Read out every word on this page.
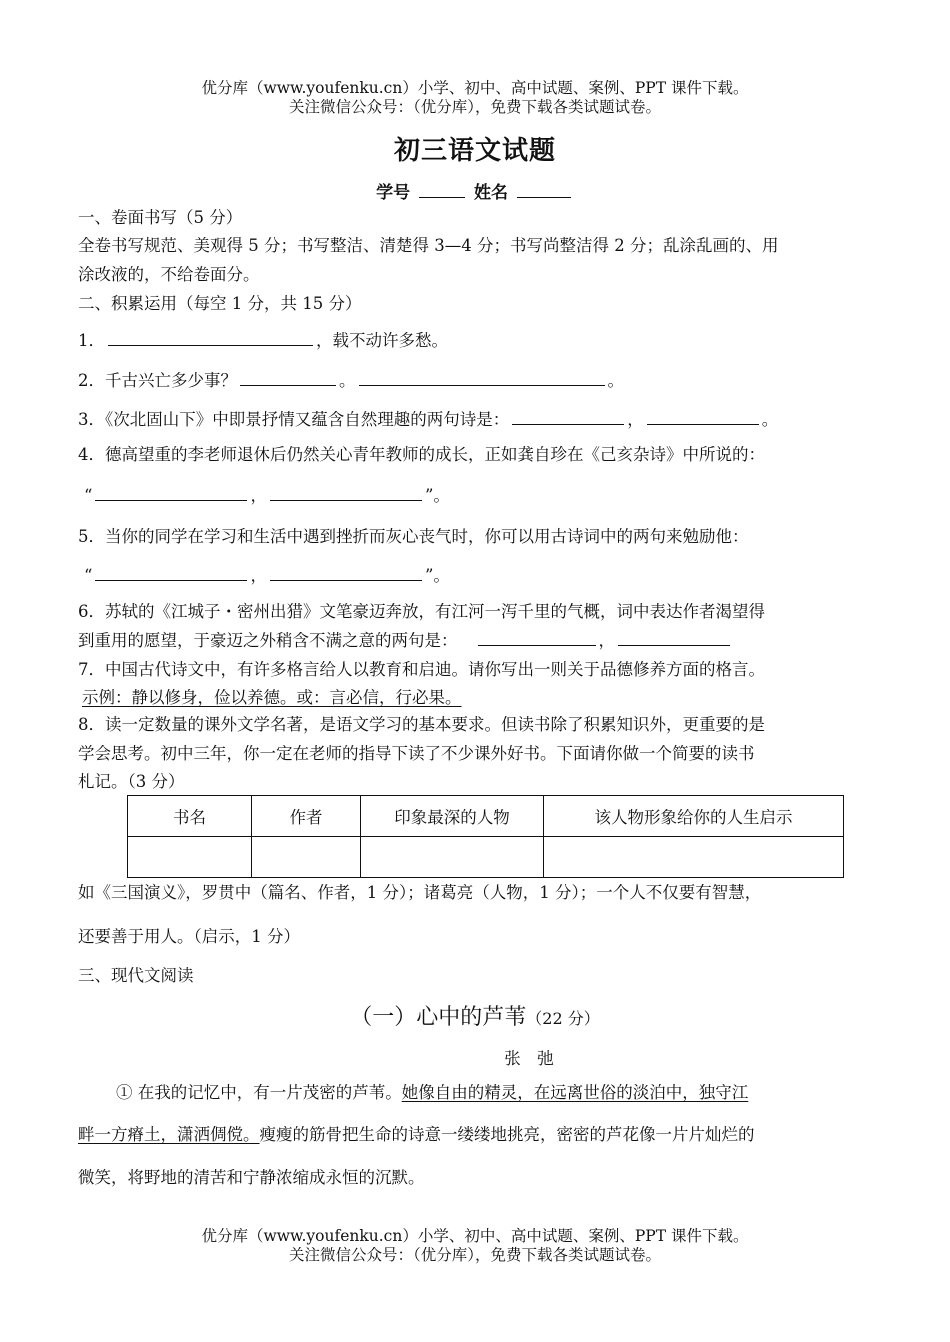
优分库（www.youfenku.cn）小学、初中、高中试题、案例、PPT 课件下载。
关注微信公众号：（优分库），免费下载各类试题试卷。
初三语文试题
学号	姓名
一、卷面书写（5 分）
全卷书写规范、美观得 5 分；书写整洁、清楚得 3—4 分；书写尚整洁得 2 分；乱涂乱画的、用
涂改液的，不给卷面分。
二、积累运用（每空 1 分，共 15 分）
1．	，载不动许多愁。
2．千古兴亡多少事？	。	。
3．《次北固山下》中即景抒情又蕴含自然理趣的两句诗是：	，	。
4．德高望重的李老师退休后仍然关心青年教师的成长，正如龚自珍在《己亥杂诗》中所说的：
“	，	”。
5．当你的同学在学习和生活中遇到挫折而灰心丧气时，你可以用古诗词中的两句来勉励他：
“	，	”。
6．苏轼的《江城子・密州出猎》文笔豪迈奔放，有江河一泻千里的气概，词中表达作者渴望得
到重用的愿望，于豪迈之外稍含不满之意的两句是：	，
7．中国古代诗文中，有许多格言给人以教育和启迪。请你写出一则关于品德修养方面的格言。
示例：静以修身，俭以养德。或：言必信，行必果。
8．读一定数量的课外文学名著，是语文学习的基本要求。但读书除了积累知识外，更重要的是
学会思考。初中三年，你一定在老师的指导下读了不少课外好书。下面请你做一个简要的读书
札记。（3 分）
书名	作者	印象最深的人物	该人物形象给你的人生启示

如《三国演义》，罗贯中（篇名、作者，1 分）；诸葛亮（人物，1 分）；一个人不仅要有智慧，
还要善于用人。（启示，1 分）
三、现代文阅读
（一）心中的芦苇（22 分）
张　弛
① 在我的记忆中，有一片茂密的芦苇。她像自由的精灵，在远离世俗的淡泊中，独守江
畔一方瘠土，潇洒倜傥。瘦瘦的筋骨把生命的诗意一缕缕地挑亮，密密的芦花像一片片灿烂的
微笑，将野地的清苦和宁静浓缩成永恒的沉默。
优分库（www.youfenku.cn）小学、初中、高中试题、案例、PPT 课件下载。
关注微信公众号：（优分库），免费下载各类试题试卷。
